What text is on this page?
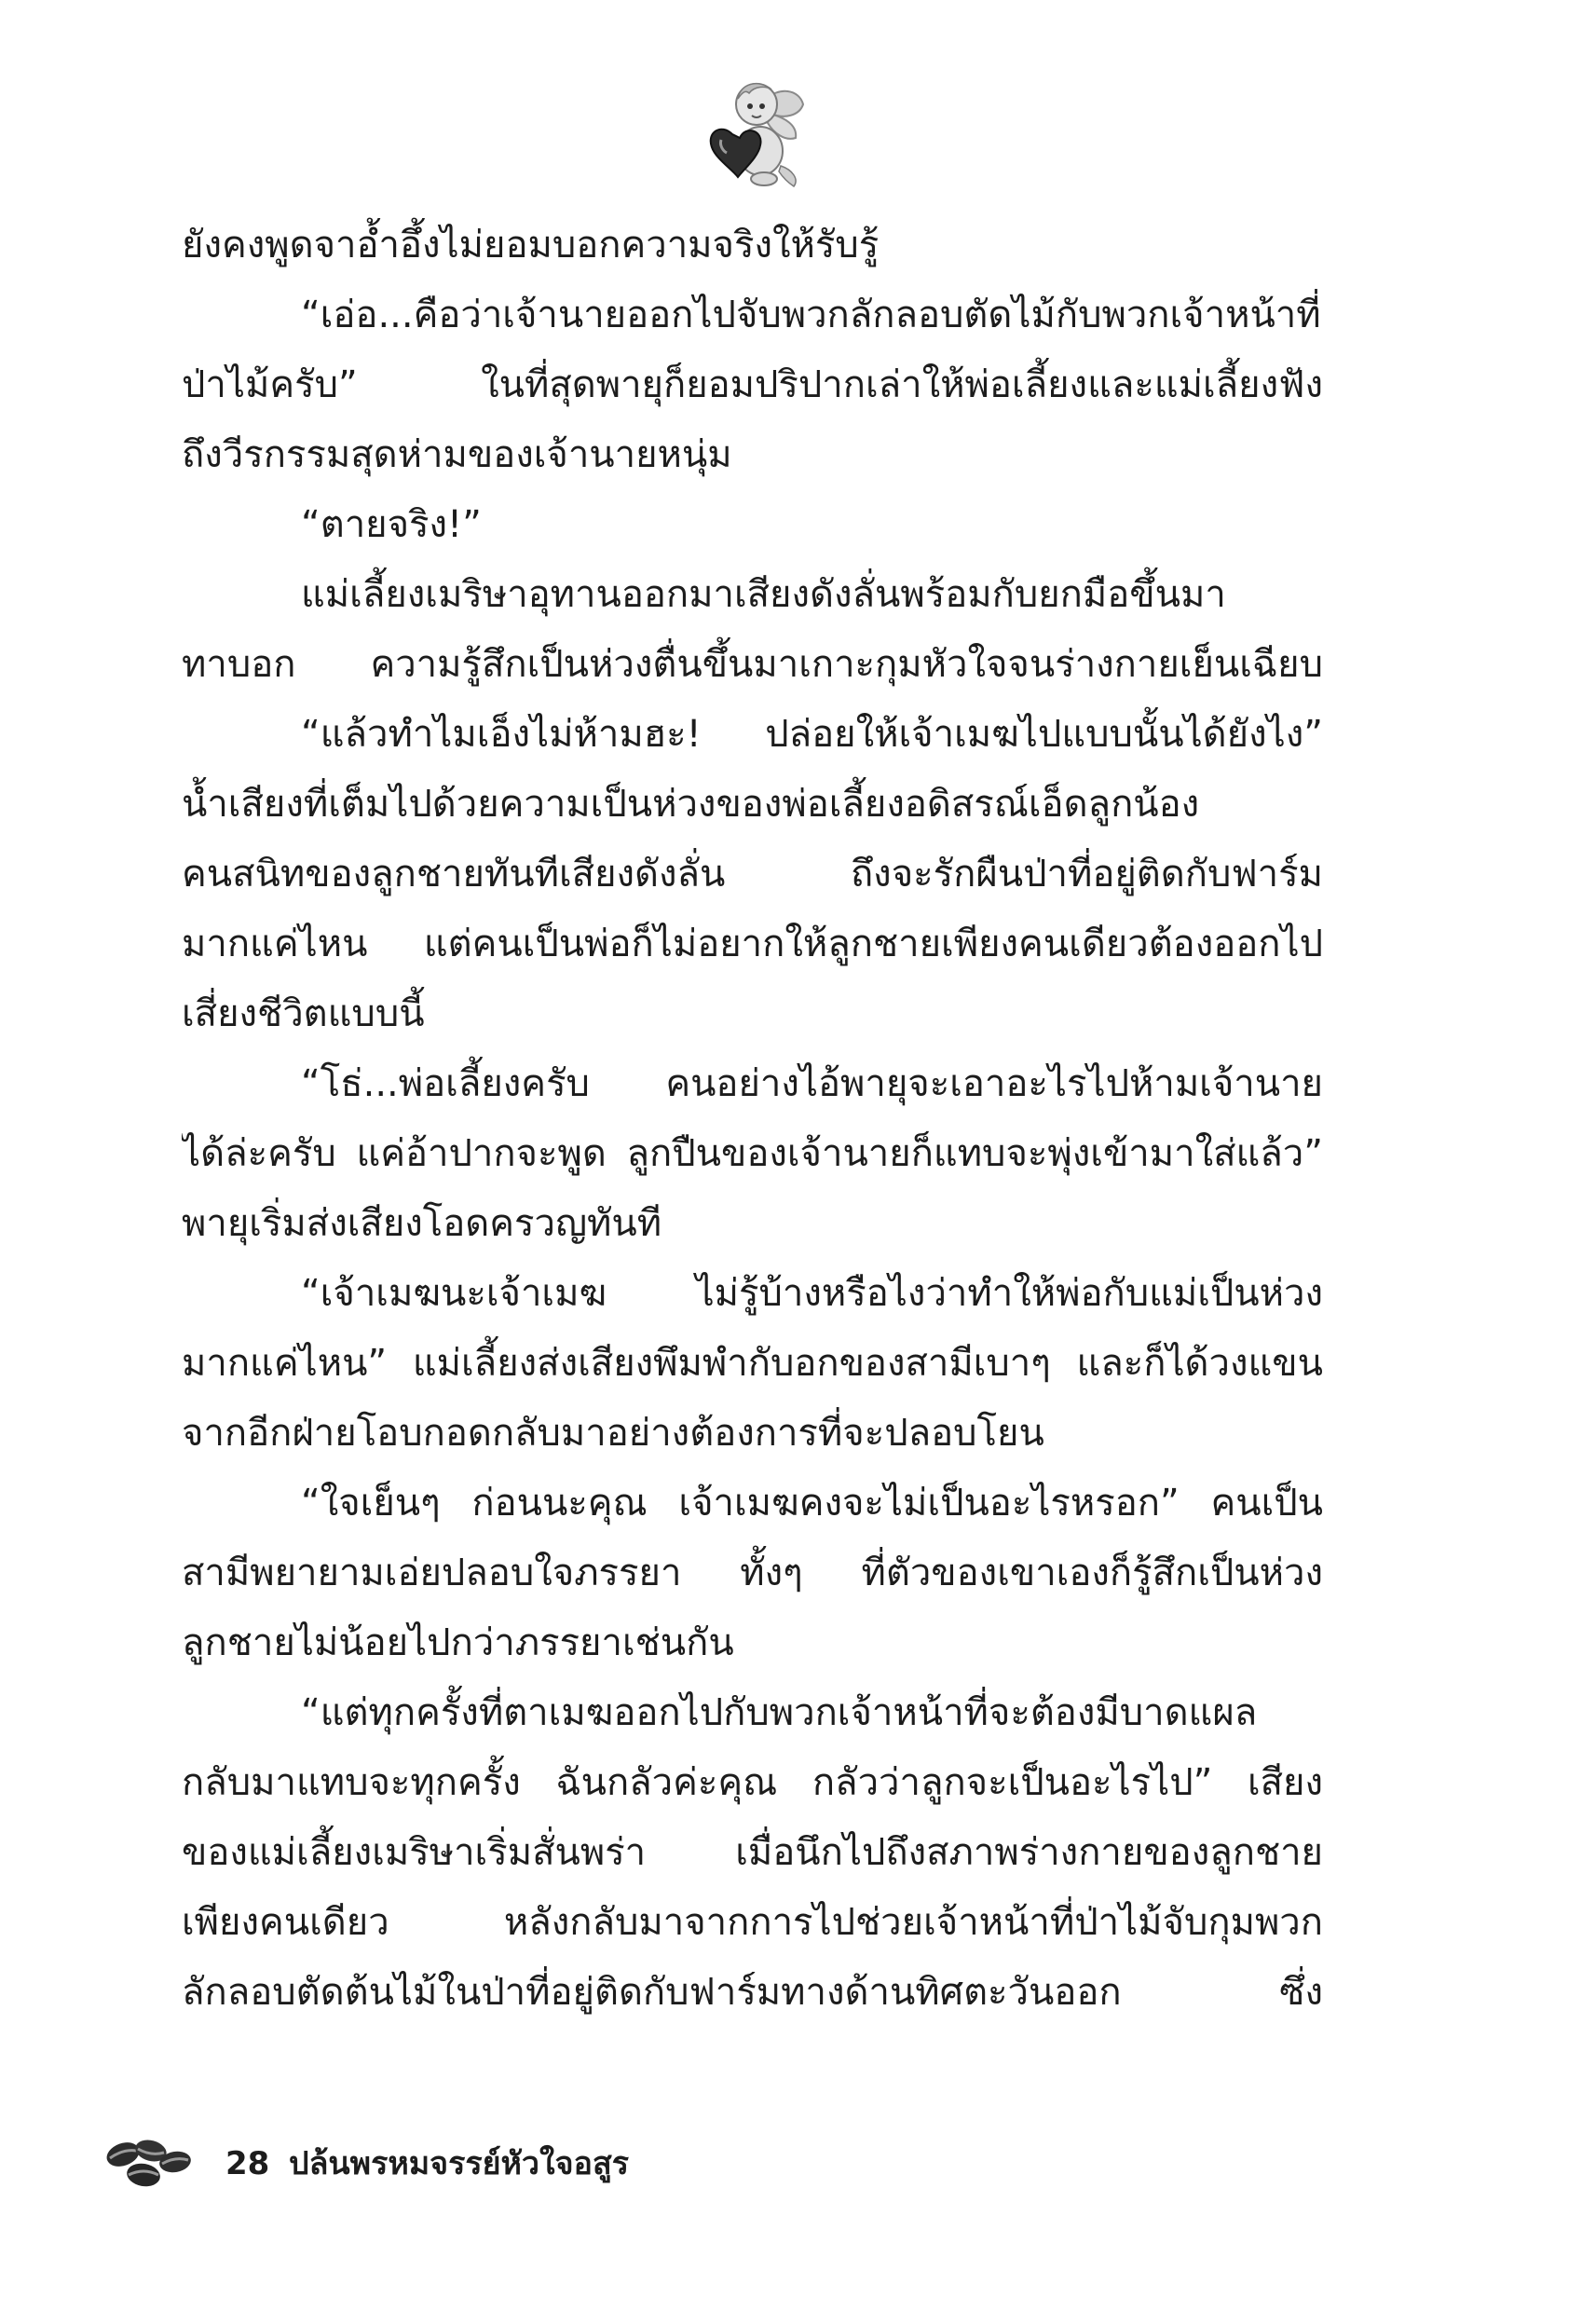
ยังคงพูดจาอ้ำอึ้งไม่ยอมบอกความจริงให้รับรู้
“เอ่อ...คือว่าเจ้านายออกไปจับพวกลักลอบตัดไม้กับพวกเจ้าหน้าที่
ป่าไม้ครับ” ในที่สุดพายุก็ยอมปริปากเล่าให้พ่อเลี้ยงและแม่เลี้ยงฟัง
ถึงวีรกรรมสุดห่ามของเจ้านายหนุ่ม
“ตายจริง!”
แม่เลี้ยงเมริษาอุทานออกมาเสียงดังลั่นพร้อมกับยกมือขึ้นมา
ทาบอก ความรู้สึกเป็นห่วงตื่นขึ้นมาเกาะกุมหัวใจจนร่างกายเย็นเฉียบ
“แล้วทำไมเอ็งไม่ห้ามฮะ! ปล่อยให้เจ้าเมฆไปแบบนั้นได้ยังไง”
น้ำเสียงที่เต็มไปด้วยความเป็นห่วงของพ่อเลี้ยงอดิสรณ์เอ็ดลูกน้อง
คนสนิทของลูกชายทันทีเสียงดังลั่น ถึงจะรักผืนป่าที่อยู่ติดกับฟาร์ม
มากแค่ไหน แต่คนเป็นพ่อก็ไม่อยากให้ลูกชายเพียงคนเดียวต้องออกไป
เสี่ยงชีวิตแบบนี้
“โธ่...พ่อเลี้ยงครับ คนอย่างไอ้พายุจะเอาอะไรไปห้ามเจ้านาย
ได้ล่ะครับ แค่อ้าปากจะพูด ลูกปืนของเจ้านายก็แทบจะพุ่งเข้ามาใส่แล้ว”
พายุเริ่มส่งเสียงโอดครวญทันที
“เจ้าเมฆนะเจ้าเมฆ ไม่รู้บ้างหรือไงว่าทำให้พ่อกับแม่เป็นห่วง
มากแค่ไหน” แม่เลี้ยงส่งเสียงพึมพำกับอกของสามีเบาๆ และก็ได้วงแขน
จากอีกฝ่ายโอบกอดกลับมาอย่างต้องการที่จะปลอบโยน
“ใจเย็นๆ ก่อนนะคุณ เจ้าเมฆคงจะไม่เป็นอะไรหรอก” คนเป็น
สามีพยายามเอ่ยปลอบใจภรรยา ทั้งๆ ที่ตัวของเขาเองก็รู้สึกเป็นห่วง
ลูกชายไม่น้อยไปกว่าภรรยาเช่นกัน
“แต่ทุกครั้งที่ตาเมฆออกไปกับพวกเจ้าหน้าที่จะต้องมีบาดแผล
กลับมาแทบจะทุกครั้ง ฉันกลัวค่ะคุณ กลัวว่าลูกจะเป็นอะไรไป” เสียง
ของแม่เลี้ยงเมริษาเริ่มสั่นพร่า เมื่อนึกไปถึงสภาพร่างกายของลูกชาย
เพียงคนเดียว หลังกลับมาจากการไปช่วยเจ้าหน้าที่ป่าไม้จับกุมพวก
ลักลอบตัดต้นไม้ในป่าที่อยู่ติดกับฟาร์มทางด้านทิศตะวันออก ซึ่ง
28 ปล้นพรหมจรรย์หัวใจอสูร
